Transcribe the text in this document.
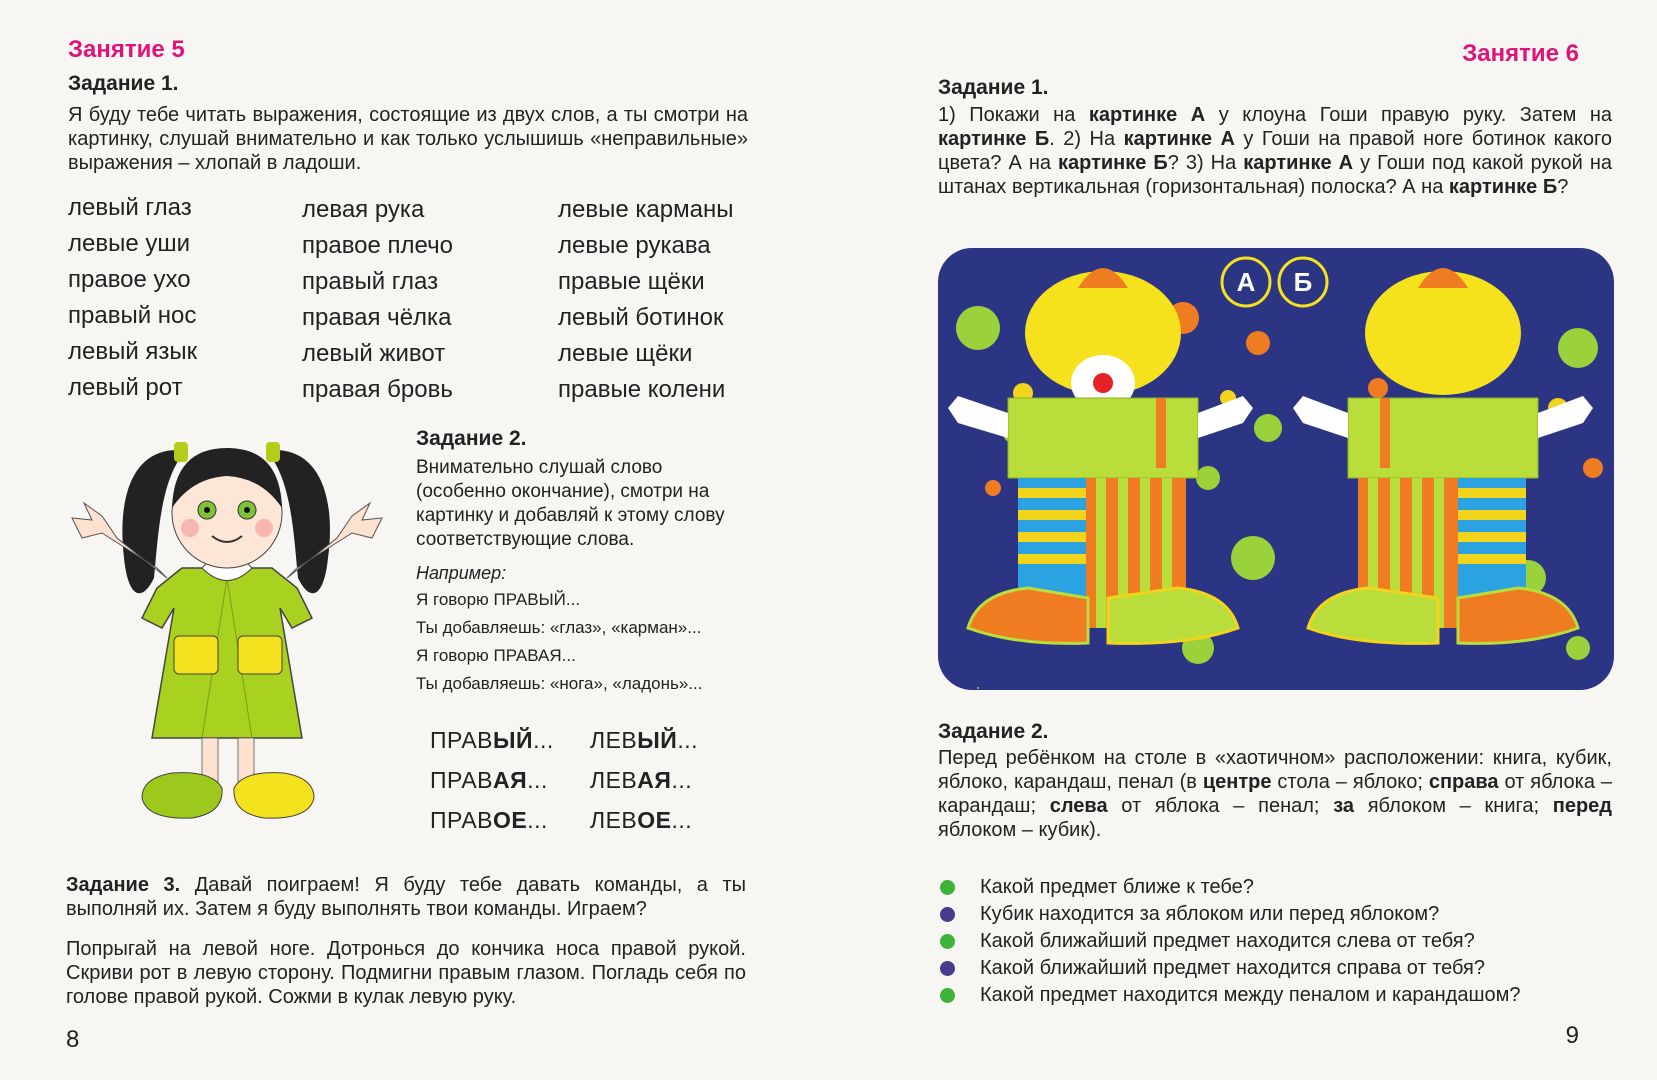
Занятие 5
Задание 1.
Я буду тебе читать выражения, состоящие из двух слов, а ты смотри на картинку, слушай внимательно и как только услышишь «неправильные» выражения – хлопай в ладоши.
левый глаз
левые уши
правое ухо
правый нос
левый язык
левый рот
левая рука
правое плечо
правый глаз
правая чёлка
левый живот
правая бровь
левые карманы
левые рукава
правые щёки
левый ботинок
левые щёки
правые колени
Задание 2.
Внимательно слушай слово (особенно окончание), смотри на картинку и добавляй к этому слову соответствующие слова.
Например:
Я говорю ПРАВЫЙ...
Ты добавляешь: «глаз», «карман»...
Я говорю ПРАВАЯ...
Ты добавляешь: «нога», «ладонь»...
ПРАВЫЙ...
ПРАВАЯ...
ПРАВОЕ...
ЛЕВЫЙ...
ЛЕВАЯ...
ЛЕВОЕ...
Задание 3. Давай поиграем! Я буду тебе давать команды, а ты выполняй их. Затем я буду выполнять твои команды. Играем?
Попрыгай на левой ноге. Дотронься до кончика носа правой рукой. Скриви рот в левую сторону. Подмигни правым глазом. Погладь себя по голове правой рукой. Сожми в кулак левую руку.
8
Занятие 6
Задание 1.
1) Покажи на картинке А у клоуна Гоши правую руку. Затем на картинке Б. 2) На картинке А у Гоши на правой ноге ботинок какого цвета? А на картинке Б? 3) На картинке А у Гоши под какой рукой на штанах вертикальная (горизонтальная) полоска? А на картинке Б?
А Б
Задание 2.
Перед ребёнком на столе в «хаотичном» расположении: книга, кубик, яблоко, карандаш, пенал (в центре стола – яблоко; справа от яблока – карандаш; слева от яблока – пенал; за яблоком – книга; перед яблоком – кубик).
Какой предмет ближе к тебе?
Кубик находится за яблоком или перед яблоком?
Какой ближайший предмет находится слева от тебя?
Какой ближайший предмет находится справа от тебя?
Какой предмет находится между пеналом и карандашом?
9
